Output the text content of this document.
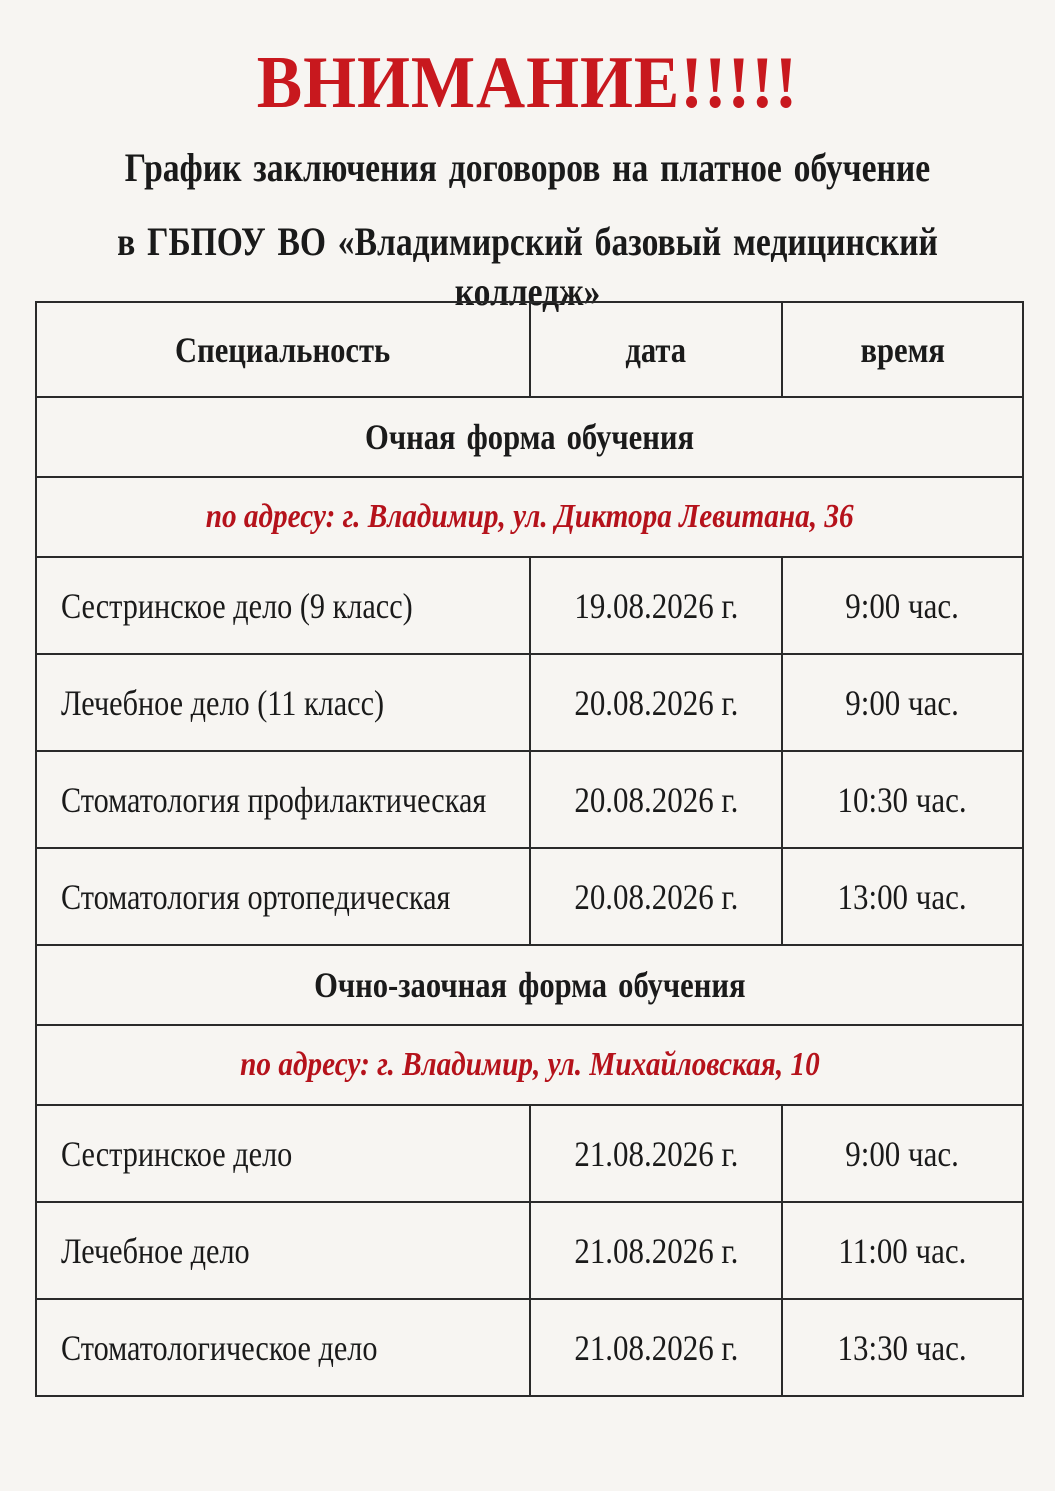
ВНИМАНИЕ!!!!!
График заключения договоров на платное обучение
в ГБПОУ ВО «Владимирский базовый медицинский колледж»
Специальность	дата	время
Очная форма обучения		
по адресу: г. Владимир, ул. Диктора Левитана, 36		
Сестринское дело (9 класс)	19.08.2026 г.	9:00 час.
Лечебное дело (11 класс)	20.08.2026 г.	9:00 час.
Стоматология профилактическая	20.08.2026 г.	10:30 час.
Стоматология ортопедическая	20.08.2026 г.	13:00 час.
Очно-заочная форма обучения		
по адресу: г. Владимир, ул. Михайловская, 10		
Сестринское дело	21.08.2026 г.	9:00 час.
Лечебное дело	21.08.2026 г.	11:00 час.
Стоматологическое дело	21.08.2026 г.	13:30 час.
